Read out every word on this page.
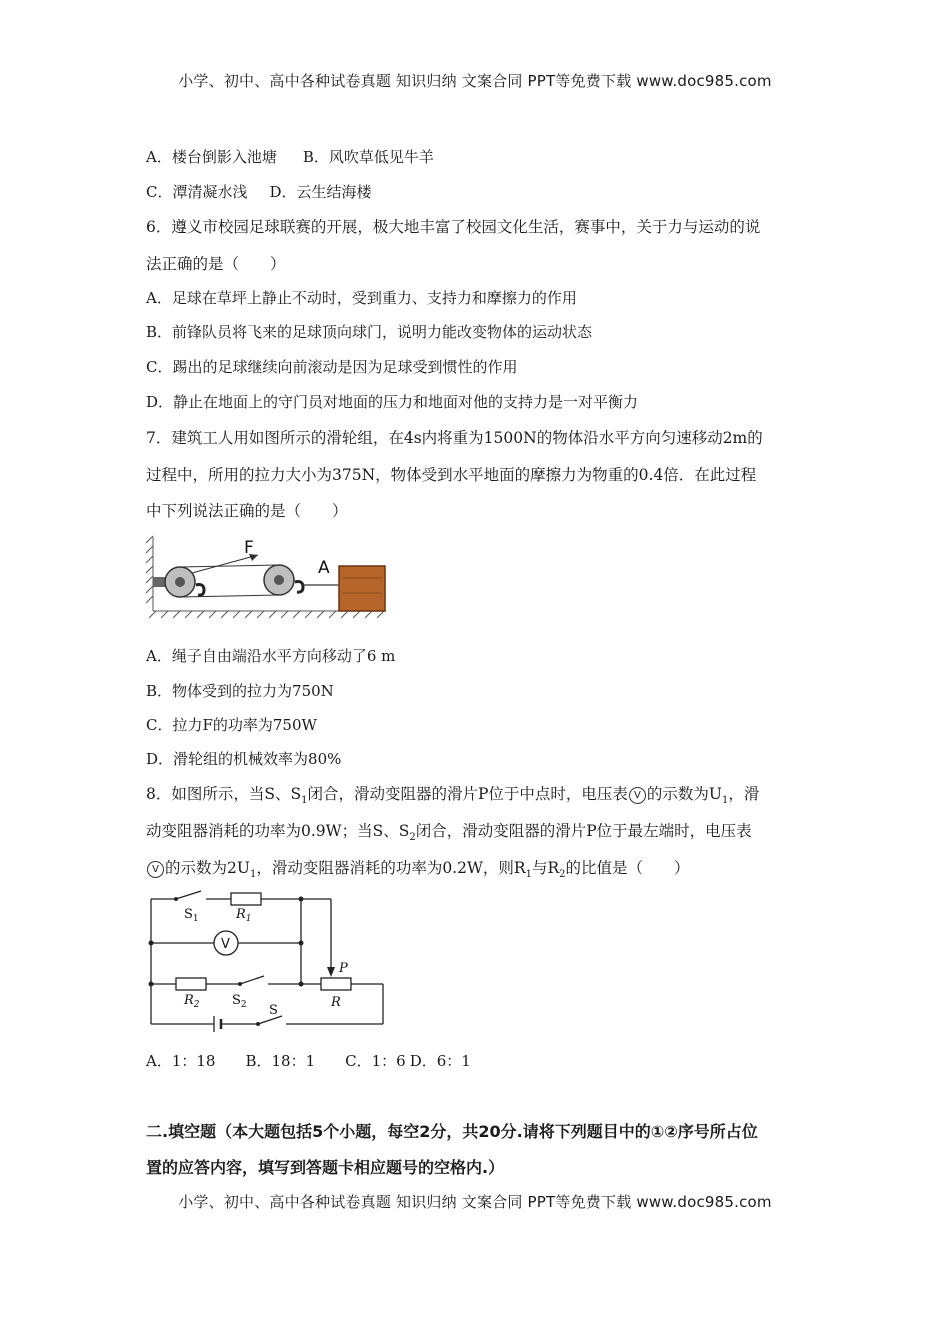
小学、初中、高中各种试卷真题 知识归纳 文案合同 PPT等免费下载 www.doc985.com
A．楼台倒影入池塘 B．风吹草低见牛羊
C．潭清凝水浅 D．云生结海楼
6．遵义市校园足球联赛的开展，极大地丰富了校园文化生活，赛事中，关于力与运动的说
法正确的是（　　）
A．足球在草坪上静止不动时，受到重力、支持力和摩擦力的作用
B．前锋队员将飞来的足球顶向球门，说明力能改变物体的运动状态
C．踢出的足球继续向前滚动是因为足球受到惯性的作用
D．静止在地面上的守门员对地面的压力和地面对他的支持力是一对平衡力
7．建筑工人用如图所示的滑轮组，在4s内将重为1500N的物体沿水平方向匀速移动2m的
过程中，所用的拉力大小为375N，物体受到水平地面的摩擦力为物重的0.4倍．在此过程
中下列说法正确的是（　　）
F
A
A．绳子自由端沿水平方向移动了6 m
B．物体受到的拉力为750N
C．拉力F的功率为750W
D．滑轮组的机械效率为80%
8．如图所示，当S、$S_1$闭合，滑动变阻器的滑片P位于中点时，电压表 V 的示数为$U_1$，滑
动变阻器消耗的功率为0.9W；当S、$S_2$闭合，滑动变阻器的滑片P位于最左端时，电压表
V 的示数为$2U_1$，滑动变阻器消耗的功率为0.2W，则$R_1$与$R_2$的比值是（　　）
$S_1$	$R_1$
V
$R_2$ $S_2$ S
P
R
A．1：18 B．18：1 C．1：6 D．6：1
二.填空题（本大题包括5个小题，每空2分，共20分.请将下列题目中的①②序号所占位
置的应答内容，填写到答题卡相应题号的空格内.）
小学、初中、高中各种试卷真题 知识归纳 文案合同 PPT等免费下载 www.doc985.com
